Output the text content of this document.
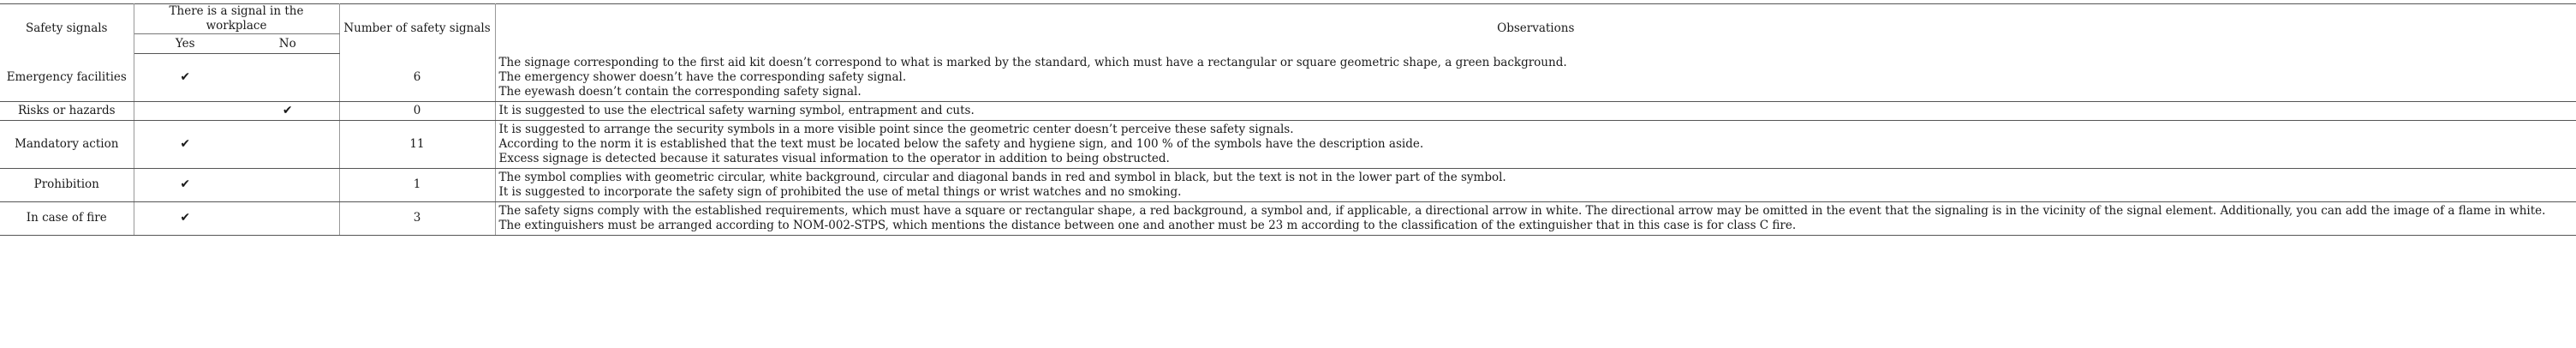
Safety signals	There is a signal in the workplace		Number of safety signals	Observations
	Yes	No		
Emergency facilities	✔		6	The signage corresponding to the first aid kit doesn’t correspond to what is marked by the standard, which must have a rectangular or square geometric shape, a green background.
The emergency shower doesn’t have the corresponding safety signal.
The eyewash doesn’t contain the corresponding safety signal.

Risks or hazards		✔	0	It is suggested to use the electrical safety warning symbol, entrapment and cuts.

Mandatory action	✔		11	It is suggested to arrange the security symbols in a more visible point since the geometric center doesn’t perceive these safety signals.
According to the norm it is established that the text must be located below the safety and hygiene sign, and 100 % of the symbols have the description aside.
Excess signage is detected because it saturates visual information to the operator in addition to being obstructed.

Prohibition	✔		1	The symbol complies with geometric circular, white background, circular and diagonal bands in red and symbol in black, but the text is not in the lower part of the symbol.
It is suggested to incorporate the safety sign of prohibited the use of metal things or wrist watches and no smoking.

In case of fire	✔		3	The safety signs comply with the established requirements, which must have a square or rectangular shape, a red background, a symbol and, if applicable, a directional arrow in white. The directional arrow may be omitted in the event that the signaling is in the vicinity of the signal element. Additionally, you can add the image of a flame in white.
The extinguishers must be arranged according to NOM-002-STPS, which mentions the distance between one and another must be 23 m according to the classification of the extinguisher that in this case is for class C fire.
